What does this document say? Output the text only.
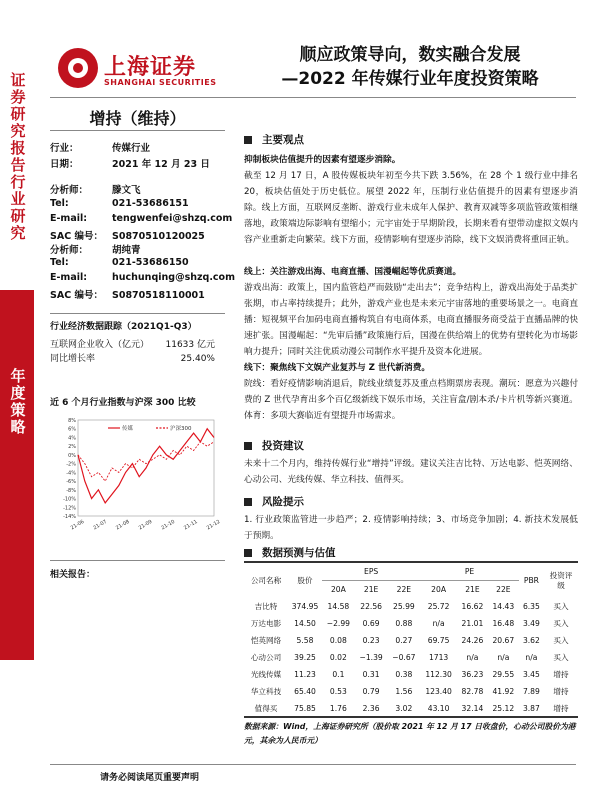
证券研究报告 行业研究
年度策略
上海证券
SHANGHAI SECURITIES
顺应政策导向，数实融合发展
—2022 年传媒行业年度投资策略
增持（维持）
行业：	传媒行业
日期：	2021 年 12 月 23 日
分析师：	滕文飞
Tel:	021-53686151
E-mail:	tengwenfei@shzq.com
SAC 编号： S0870510120025
分析师：	胡纯青
Tel:	021-53686150
E-mail:	huchunqing@shzq.com
SAC 编号： S0870518110001
行业经济数据跟踪（2021Q1-Q3）
互联网企业收入（亿元） 11633 亿元
同比增长率	25.40%
近 6 个月行业指数与沪深 300 比较
-14%
-12%
-10%
-8%
-6%
-4%
-2%
0%
2%
4%
6%
8%
21-06 21-07 21-08 21-09 21-10 21-11 21-12
传媒	沪深300
相关报告：
主要观点
抑制板块估值提升的因素有望逐步消除。
截至 12 月 17 日，A 股传媒板块年初至今共下跌 3.56%，在 28 个 1 级行业中排名 20，板块估值处于历史低位。展望 2022 年，压制行业估值提升的因素有望逐步消除。线上方面，互联网反垄断、游戏行业未成年人保护、教育双减等多项监管政策相继落地，政策端边际影响有望缩小；元宇宙处于早期阶段，长期来看有望带动虚拟文娱内容产业重新走向繁荣。线下方面，疫情影响有望逐步消除，线下文娱消费将重回正轨。
线上：关注游戏出海、电商直播、国漫崛起等优质赛道。
游戏出海：政策上，国内监管趋严而鼓励“走出去”；竞争结构上，游戏出海处于品类扩张期，市占率持续提升；此外，游戏产业也是未来元宇宙落地的重要场景之一。电商直播：短视频平台加码电商直播构筑自有电商体系，电商直播服务商受益于直播品牌的快速扩张。国漫崛起：“先审后播”政策施行后，国漫在供给端上的优势有望转化为市场影响力提升；同时关注优质动漫公司制作水平提升及资本化进展。
线下：聚焦线下文娱产业复苏与 Z 世代新消费。
院线：看好疫情影响消退后，院线业绩复苏及重点档期票房表现。潮玩：愿意为兴趣付费的 Z 世代孕育出多个百亿级新线下娱乐市场，关注盲盒/剧本杀/卡片机等新兴赛道。体育：多项大赛临近有望提升市场需求。
投资建议
未来十二个月内，维持传媒行业“增持”评级。建议关注吉比特、万达电影、恺英网络、心动公司、光线传媒、华立科技、值得买。
风险提示
1. 行业政策监管进一步趋严；2. 疫情影响持续；3、市场竞争加剧；4. 新技术发展低于预期。
数据预测与估值
公司名称	股价	EPS			PE			PBR	投资评级
		20A	21E	22E	20A	21E	22E		
吉比特	374.95	14.58	22.56	25.99	25.72	16.62	14.43	6.35	买入
万达电影	14.50	−2.99	0.69	0.88	n/a	21.01	16.48	3.49	买入
恺英网络	5.58	0.08	0.23	0.27	69.75	24.26	20.67	3.62	买入
心动公司	39.25	0.02	−1.39	−0.67	1713	n/a	n/a	n/a	买入
光线传媒	11.23	0.1	0.31	0.38	112.30	36.23	29.55	3.45	增持
华立科技	65.40	0.53	0.79	1.56	123.40	82.78	41.92	7.89	增持
值得买	75.85	1.76	2.36	3.02	43.10	32.14	25.12	3.87	增持
数据来源：Wind，上海证券研究所（股价取 2021 年 12 月 17 日收盘价，心动公司股价为港元，其余为人民币元）
请务必阅读尾页重要声明
